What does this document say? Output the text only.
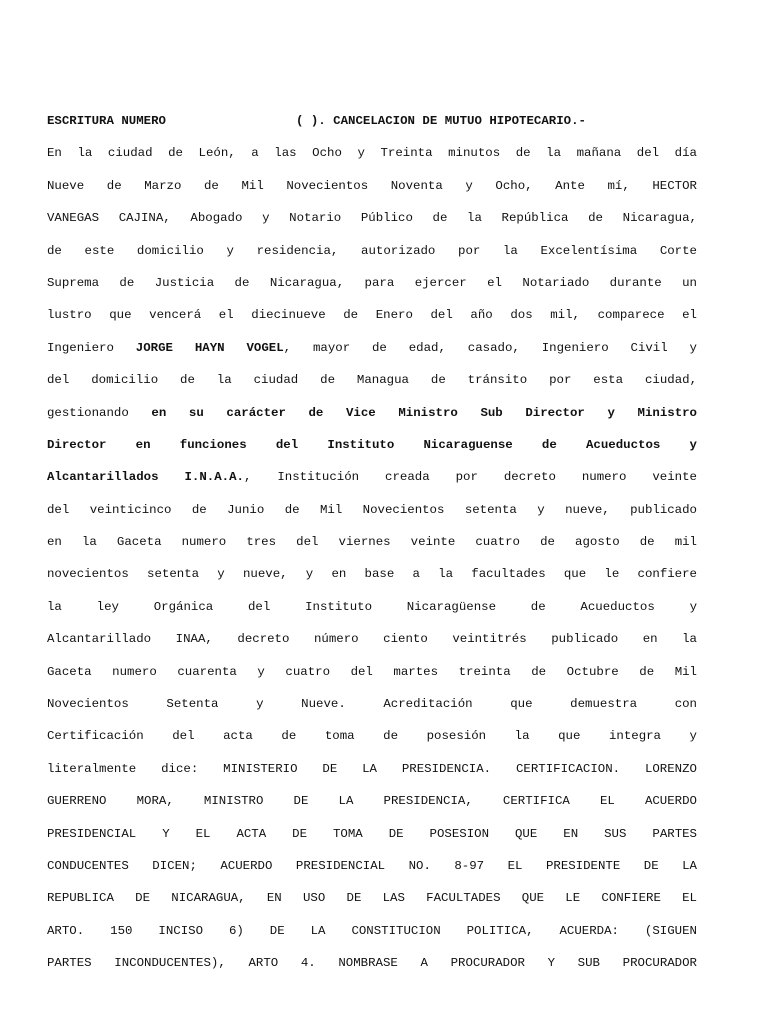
ESCRITURA NUMERO	( ). CANCELACION DE MUTUO HIPOTECARIO.-
En la ciudad de León, a las Ocho y Treinta minutos de la mañana del día
Nueve de Marzo de Mil Novecientos Noventa y Ocho, Ante mí, HECTOR
VANEGAS CAJINA, Abogado y Notario Público de la República de Nicaragua,
de este domicilio y residencia, autorizado por la Excelentísima Corte
Suprema de Justicia de Nicaragua, para ejercer el Notariado durante un
lustro que vencerá el diecinueve de Enero del año dos mil, comparece el
Ingeniero JORGE HAYN VOGEL, mayor de edad, casado, Ingeniero Civil y
del domicilio de la ciudad de Managua de tránsito por esta ciudad,
gestionando en su carácter de Vice Ministro Sub Director y Ministro
Director en funciones del Instituto Nicaraguense de Acueductos y
Alcantarillados I.N.A.A., Institución creada por decreto numero veinte
del veinticinco de Junio de Mil Novecientos setenta y nueve, publicado
en la Gaceta numero tres del viernes veinte cuatro de agosto de mil
novecientos setenta y nueve, y en base a la facultades que le confiere
la ley Orgánica del Instituto Nicaragüense de Acueductos y
Alcantarillado INAA, decreto número ciento veintitrés publicado en la
Gaceta numero cuarenta y cuatro del martes treinta de Octubre de Mil
Novecientos Setenta y Nueve. Acreditación que demuestra con
Certificación del acta de toma de posesión la que integra y
literalmente dice: MINISTERIO DE LA PRESIDENCIA. CERTIFICACION. LORENZO
GUERRENO MORA, MINISTRO DE LA PRESIDENCIA, CERTIFICA EL ACUERDO
PRESIDENCIAL Y EL ACTA DE TOMA DE POSESION QUE EN SUS PARTES
CONDUCENTES DICEN; ACUERDO PRESIDENCIAL NO. 8-97 EL PRESIDENTE DE LA
REPUBLICA DE NICARAGUA, EN USO DE LAS FACULTADES QUE LE CONFIERE EL
ARTO. 150 INCISO 6) DE LA CONSTITUCION POLITICA, ACUERDA: (SIGUEN
PARTES INCONDUCENTES), ARTO 4. NOMBRASE A PROCURADOR Y SUB PROCURADOR
